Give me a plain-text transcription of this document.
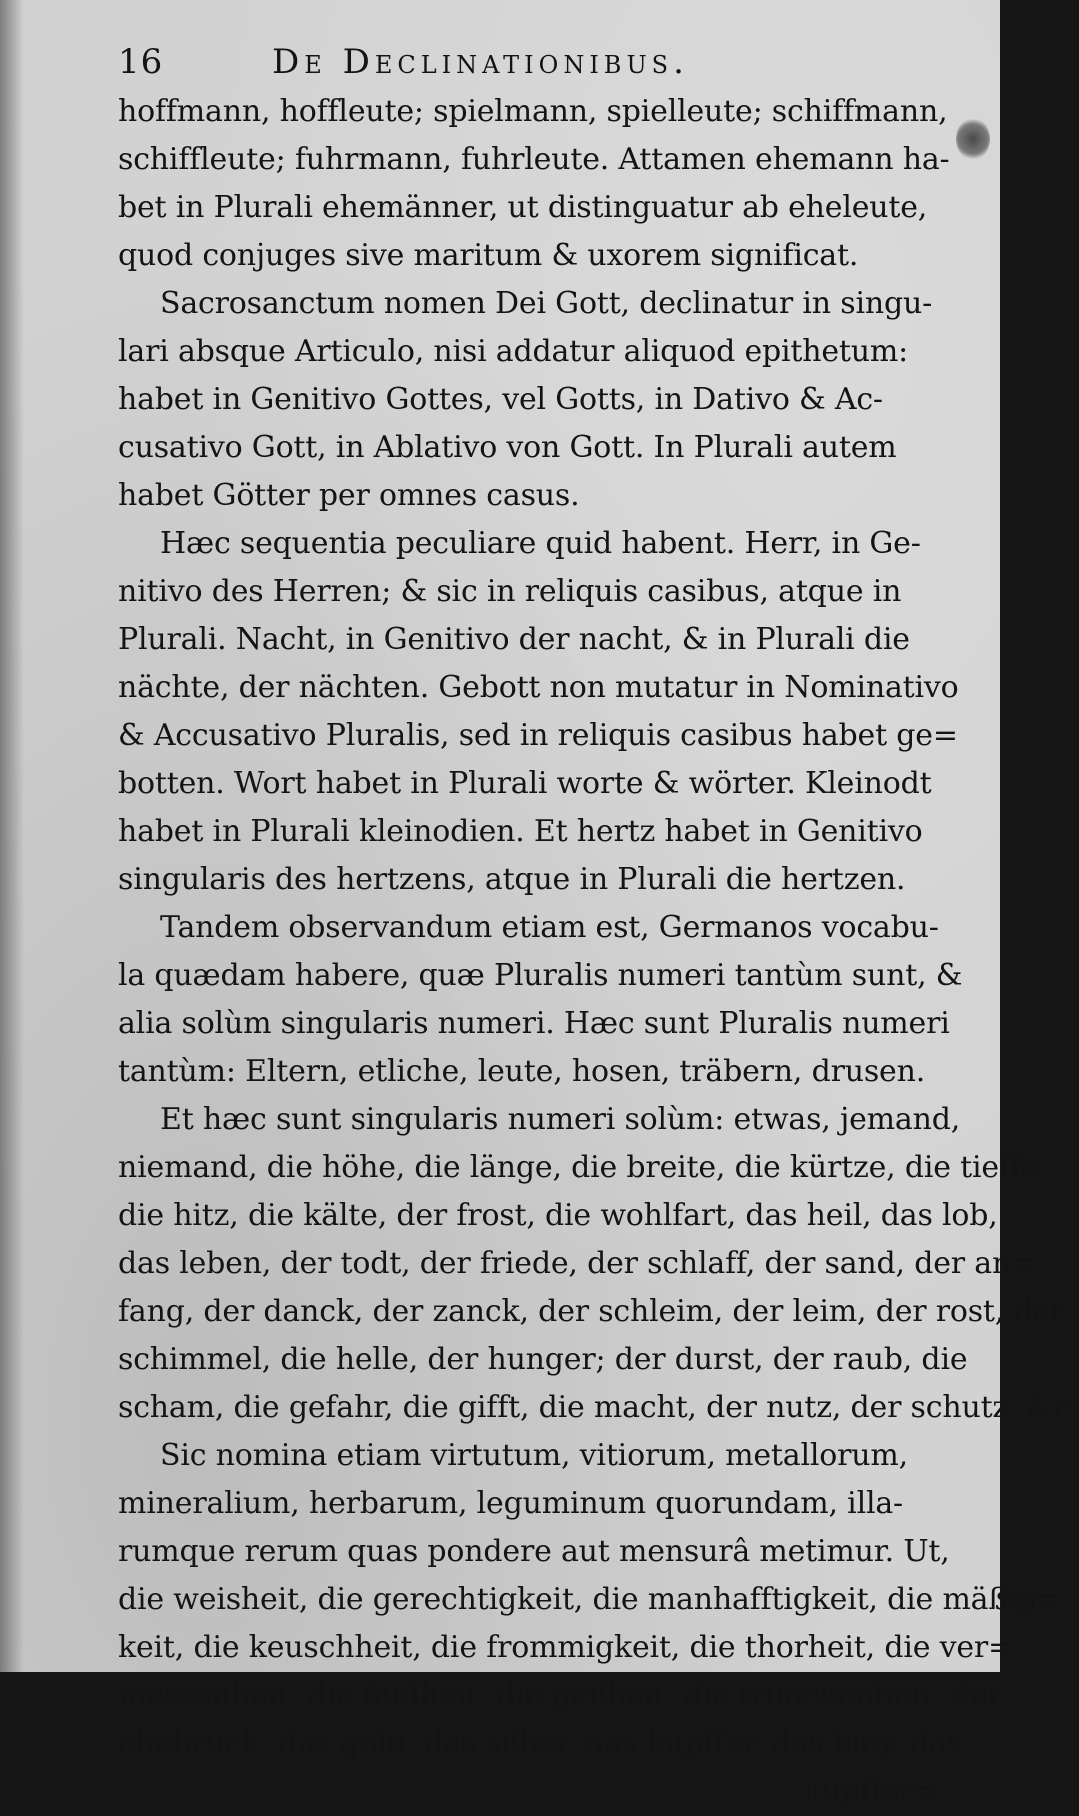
16	De Declinationibus.
hoffmann, hoffleute; spielmann, spielleute; schiffmann,
schiffleute; fuhrmann, fuhrleute. Attamen ehemann ha-
bet in Plurali ehemänner, ut distinguatur ab eheleute,
quod conjuges sive maritum & uxorem significat.
Sacrosanctum nomen Dei Gott, declinatur in singu-
lari absque Articulo, nisi addatur aliquod epithetum:
habet in Genitivo Gottes, vel Gotts, in Dativo & Ac-
cusativo Gott, in Ablativo von Gott. In Plurali autem
habet Götter per omnes casus.
Hæc sequentia peculiare quid habent. Herr, in Ge-
nitivo des Herren; & sic in reliquis casibus, atque in
Plurali. Nacht, in Genitivo der nacht, & in Plurali die
nächte, der nächten. Gebott non mutatur in Nominativo
& Accusativo Pluralis, sed in reliquis casibus habet ge=
botten. Wort habet in Plurali worte & wörter. Kleinodt
habet in Plurali kleinodien. Et hertz habet in Genitivo
singularis des hertzens, atque in Plurali die hertzen.
Tandem observandum etiam est, Germanos vocabu-
la quædam habere, quæ Pluralis numeri tantùm sunt, &
alia solùm singularis numeri. Hæc sunt Pluralis numeri
tantùm: Eltern, etliche, leute, hosen, träbern, drusen.
Et hæc sunt singularis numeri solùm: etwas, jemand,
niemand, die höhe, die länge, die breite, die kürtze, die tieffe,
die hitz, die kälte, der frost, die wohlfart, das heil, das lob,
das leben, der todt, der friede, der schlaff, der sand, der an=
fang, der danck, der zanck, der schleim, der leim, der rost, der
schimmel, die helle, der hunger; der durst, der raub, die
scham, die gefahr, die gifft, die macht, der nutz, der schutz, &c.
Sic nomina etiam virtutum, vitiorum, metallorum,
mineralium, herbarum, leguminum quorundam, illa-
rumque rerum quas pondere aut mensurâ metimur. Ut,
die weisheit, die gerechtigkeit, die manhafftigkeit, die mäßig=
keit, die keuschheit, die frommigkeit, die thorheit, die ver=
messenheit, die faulheit, die geilheit, die trunckenheit, der
ehebruch, das gold, das silber, das kupffer, das bley, das
kupffer=
